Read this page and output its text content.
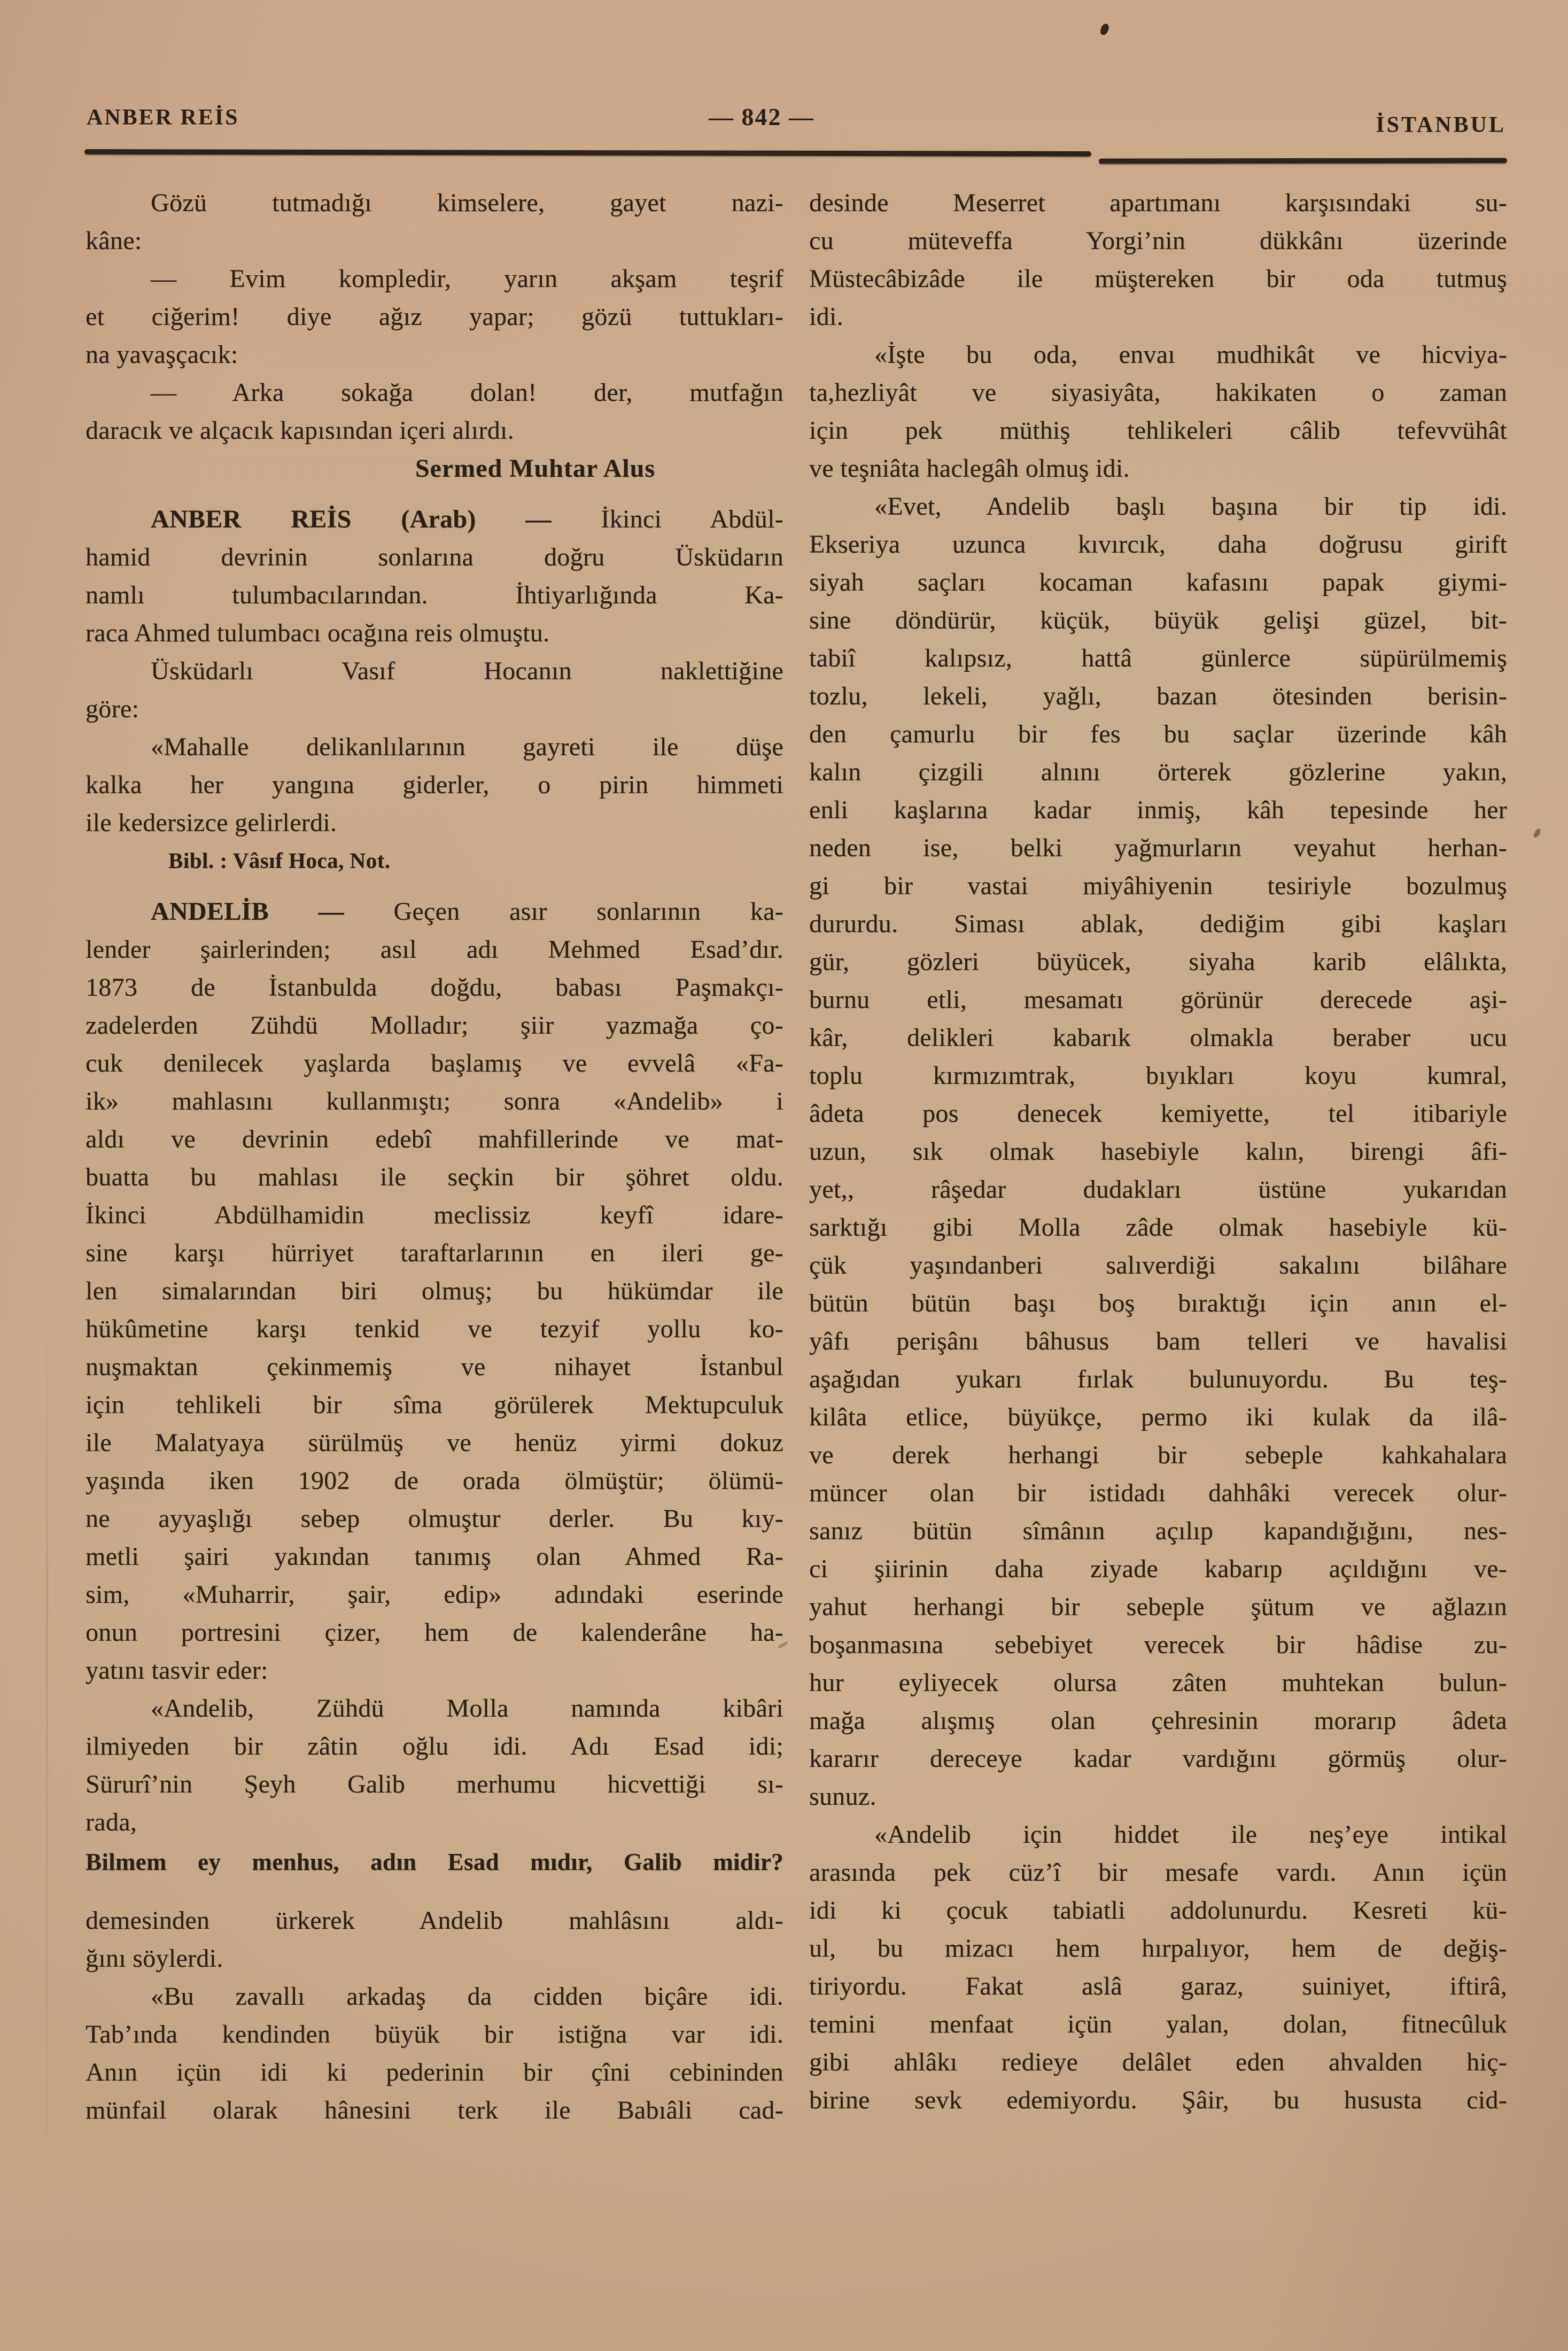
ANBER REİS	— 842 —	İSTANBUL
Gözü tutmadığı kimselere, gayet nazi-
kâne:
— Evim kompledir, yarın akşam teşrif
et ciğerim! diye ağız yapar; gözü tuttukları-
na yavaşçacık:
— Arka sokağa dolan! der, mutfağın
daracık ve alçacık kapısından içeri alırdı.
Sermed Muhtar Alus
ANBER REİS (Arab) — İkinci Abdül-
hamid devrinin sonlarına doğru Üsküdarın
namlı tulumbacılarından. İhtiyarlığında Ka-
raca Ahmed tulumbacı ocağına reis olmuştu.
Üsküdarlı Vasıf Hocanın naklettiğine
göre:
«Mahalle delikanlılarının gayreti ile düşe
kalka her yangına giderler, o pirin himmeti
ile kedersizce gelirlerdi.
Bibl. : Vâsıf Hoca, Not.
ANDELİB — Geçen asır sonlarının ka-
lender şairlerinden; asıl adı Mehmed Esad’dır.
1873 de İstanbulda doğdu, babası Paşmakçı-
zadelerden Zühdü Molladır; şiir yazmağa ço-
cuk denilecek yaşlarda başlamış ve evvelâ «Fa-
ik» mahlasını kullanmıştı; sonra «Andelib» i
aldı ve devrinin edebî mahfillerinde ve mat-
buatta bu mahlası ile seçkin bir şöhret oldu.
İkinci Abdülhamidin meclissiz keyfî idare-
sine karşı hürriyet taraftarlarının en ileri ge-
len simalarından biri olmuş; bu hükümdar ile
hükûmetine karşı tenkid ve tezyif yollu ko-
nuşmaktan çekinmemiş ve nihayet İstanbul
için tehlikeli bir sîma görülerek Mektupculuk
ile Malatyaya sürülmüş ve henüz yirmi dokuz
yaşında iken 1902 de orada ölmüştür; ölümü-
ne ayyaşlığı sebep olmuştur derler. Bu kıy-
metli şairi yakından tanımış olan Ahmed Ra-
sim, «Muharrir, şair, edip» adındaki eserinde
onun portresini çizer, hem de kalenderâne ha-
yatını tasvir eder:
«Andelib, Zühdü Molla namında kibâri
ilmiyeden bir zâtin oğlu idi. Adı Esad idi;
Sürurî’nin Şeyh Galib merhumu hicvettiği sı-
rada,
Bilmem ey menhus, adın Esad mıdır, Galib midir?
demesinden ürkerek Andelib mahlâsını aldı-
ğını söylerdi.
«Bu zavallı arkadaş da cidden biçâre idi.
Tab’ında kendinden büyük bir istiğna var idi.
Anın içün idi ki pederinin bir çîni cebininden
münfail olarak hânesini terk ile Babıâli cad-
desinde Meserret apartımanı karşısındaki su-
cu müteveffa Yorgi’nin dükkânı üzerinde
Müstecâbizâde ile müştereken bir oda tutmuş
idi.
«İşte bu oda, envaı mudhikât ve hicviya-
ta,hezliyât ve siyasiyâta, hakikaten o zaman
için pek müthiş tehlikeleri câlib tefevvühât
ve teşniâta haclegâh olmuş idi.
«Evet, Andelib başlı başına bir tip idi.
Ekseriya uzunca kıvırcık, daha doğrusu girift
siyah saçları kocaman kafasını papak giymi-
sine döndürür, küçük, büyük gelişi güzel, bit-
tabiî kalıpsız, hattâ günlerce süpürülmemiş
tozlu, lekeli, yağlı, bazan ötesinden berisin-
den çamurlu bir fes bu saçlar üzerinde kâh
kalın çizgili alnını örterek gözlerine yakın,
enli kaşlarına kadar inmiş, kâh tepesinde her
neden ise, belki yağmurların veyahut herhan-
gi bir vastai miyâhiyenin tesiriyle bozulmuş
dururdu. Siması ablak, dediğim gibi kaşları
gür, gözleri büyücek, siyaha karib elâlıkta,
burnu etli, mesamatı görünür derecede aşi-
kâr, delikleri kabarık olmakla beraber ucu
toplu kırmızımtrak, bıyıkları koyu kumral,
âdeta pos denecek kemiyette, tel itibariyle
uzun, sık olmak hasebiyle kalın, birengi âfi-
yet,, râşedar dudakları üstüne yukarıdan
sarktığı gibi Molla zâde olmak hasebiyle kü-
çük yaşındanberi salıverdiği sakalını bilâhare
bütün bütün başı boş bıraktığı için anın el-
yâfı perişânı bâhusus bam telleri ve havalisi
aşağıdan yukarı fırlak bulunuyordu. Bu teş-
kilâta etlice, büyükçe, permo iki kulak da ilâ-
ve derek herhangi bir sebeple kahkahalara
müncer olan bir istidadı dahhâki verecek olur-
sanız bütün sîmânın açılıp kapandığığını, nes-
ci şiirinin daha ziyade kabarıp açıldığını ve-
yahut herhangi bir sebeple şütum ve ağlazın
boşanmasına sebebiyet verecek bir hâdise zu-
hur eyliyecek olursa zâten muhtekan bulun-
mağa alışmış olan çehresinin morarıp âdeta
kararır dereceye kadar vardığını görmüş olur-
sunuz.
«Andelib için hiddet ile neş’eye intikal
arasında pek cüz’î bir mesafe vardı. Anın içün
idi ki çocuk tabiatli addolunurdu. Kesreti kü-
ul, bu mizacı hem hırpalıyor, hem de değiş-
tiriyordu. Fakat aslâ garaz, suiniyet, iftirâ,
temini menfaat içün yalan, dolan, fitnecûluk
gibi ahlâkı redieye delâlet eden ahvalden hiç-
birine sevk edemiyordu. Şâir, bu hususta cid-
